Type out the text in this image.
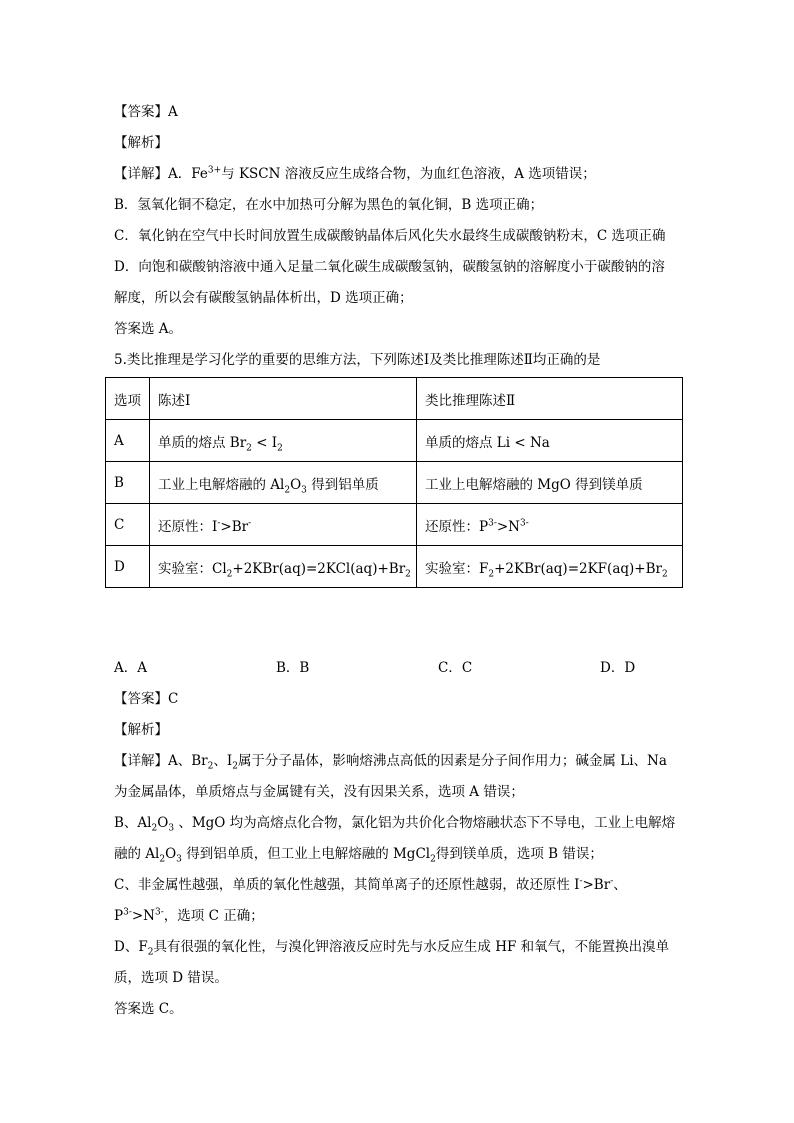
【答案】A
【解析】
【详解】A．$Fe^{3+}$与 KSCN 溶液反应生成络合物，为血红色溶液，A 选项错误；
B．氢氧化铜不稳定，在水中加热可分解为黑色的氧化铜，B 选项正确；
C．氧化钠在空气中长时间放置生成碳酸钠晶体后风化失水最终生成碳酸钠粉末，C 选项正确
D．向饱和碳酸钠溶液中通入足量二氧化碳生成碳酸氢钠，碳酸氢钠的溶解度小于碳酸钠的溶
解度，所以会有碳酸氢钠晶体析出，D 选项正确；
答案选 A。
5.类比推理是学习化学的重要的思维方法，下列陈述Ⅰ及类比推理陈述Ⅱ均正确的是
选项	陈述Ⅰ	类比推理陈述Ⅱ
A	单质的熔点 $Br_2 < I_2$	单质的熔点 Li < Na
B	工业上电解熔融的 $Al_2O_3$ 得到铝单质	工业上电解熔融的 MgO 得到镁单质
C	还原性：I->Br-	还原性：$P^{3-}>N^{3-}$
D	实验室：$Cl_2+2KBr(aq)=2KCl(aq)+Br_2$	实验室：$F_2+2KBr(aq)=2KF(aq)+Br_2$
A．A	B．B	C．C	D．D
【答案】C
【解析】
【详解】A、$Br_2$、$I_2$属于分子晶体，影响熔沸点高低的因素是分子间作用力；碱金属 Li、Na
为金属晶体，单质熔点与金属键有关，没有因果关系，选项 A 错误；
B、$Al_2O_3$ 、MgO 均为高熔点化合物，氯化铝为共价化合物熔融状态下不导电，工业上电解熔
融的 $Al_2O_3$ 得到铝单质，但工业上电解熔融的 MgCl$_2$得到镁单质，选项 B 错误；
C、非金属性越强，单质的氧化性越强，其简单离子的还原性越弱，故还原性 I->Br-、
$P^{3-}>N^{3-}$，选项 C 正确；
D、$F_2$具有很强的氧化性，与溴化钾溶液反应时先与水反应生成 HF 和氧气，不能置换出溴单
质，选项 D 错误。
答案选 C。
